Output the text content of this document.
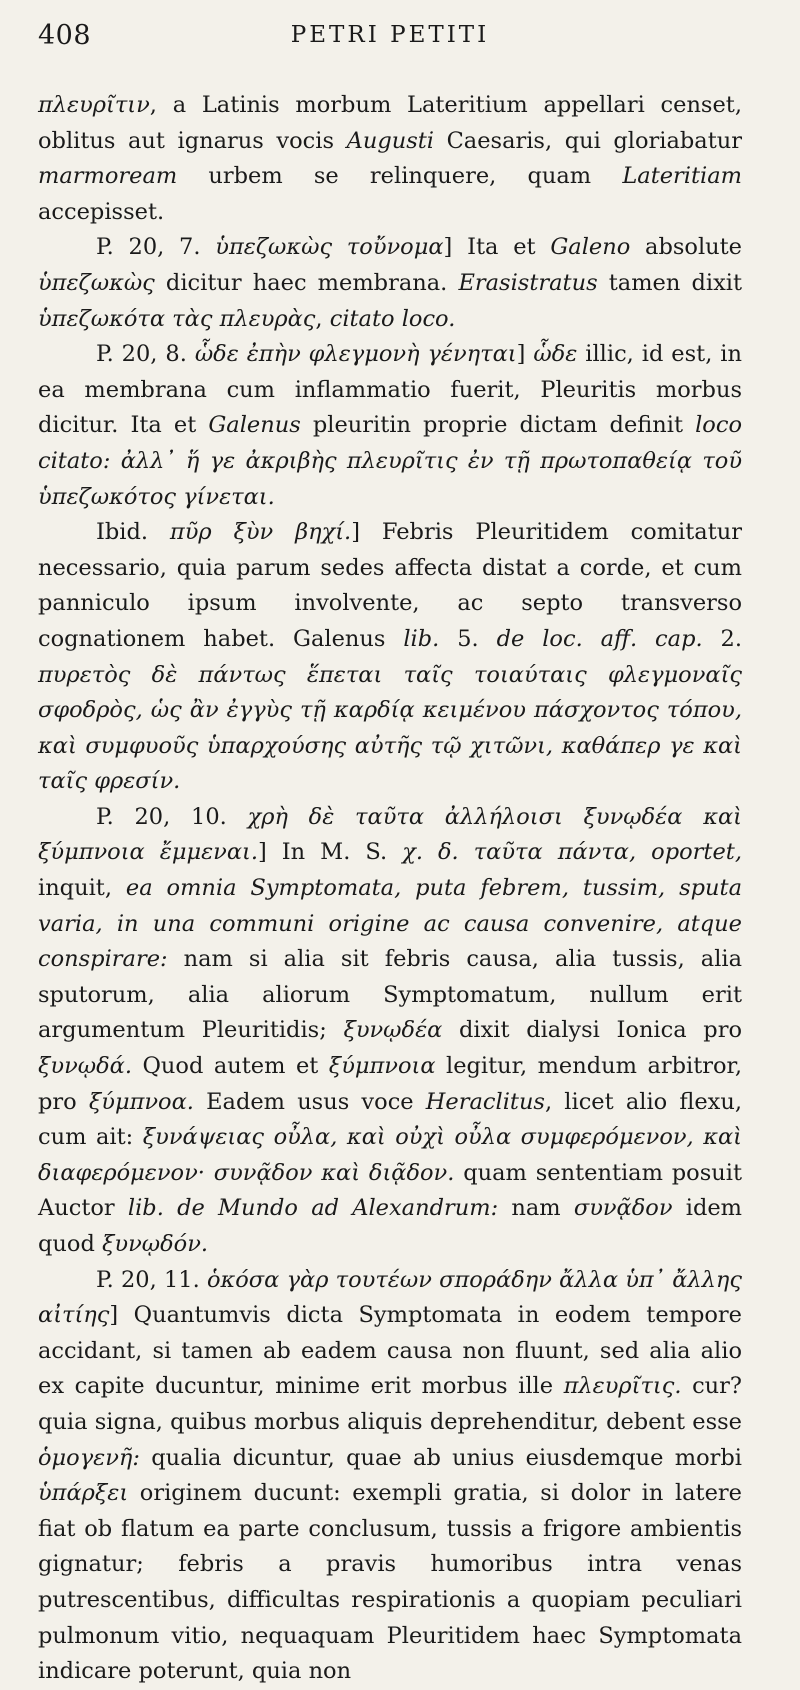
408	PETRI PETITI

πλευρῖτιν, a Latinis morbum Lateritium appellari censet, oblitus aut ignarus vocis Augusti Caesaris, qui gloriabatur marmoream urbem se relinquere, quam Lateritiam accepisset.

P. 20, 7. ὑπεζωκὼς τοὔνομα] Ita et Galeno absolute ὑπεζωκὼς dicitur haec membrana. Erasistratus tamen dixit ὑπεζωκότα τὰς πλευρὰς, citato loco.

P. 20, 8. ὧδε ἐπὴν φλεγμονὴ γένηται] ὧδε illic, id est, in ea membrana cum inflammatio fuerit, Pleuritis morbus dicitur. Ita et Galenus pleuritin proprie dictam definit loco citato: ἀλλ᾽ ἥ γε ἀκριβὴς πλευρῖτις ἐν τῇ πρωτοπαθείᾳ τοῦ ὑπεζωκότος γίνεται.

Ibid. πῦρ ξὺν βηχί.] Febris Pleuritidem comitatur necessario, quia parum sedes affecta distat a corde, et cum panniculo ipsum involvente, ac septo transverso cognationem habet. Galenus lib. 5. de loc. aff. cap. 2. πυρετὸς δὲ πάντως ἕπεται ταῖς τοιαύταις φλεγμοναῖς σφοδρὸς, ὡς ἂν ἐγγὺς τῇ καρδίᾳ κειμένου πάσχοντος τόπου, καὶ συμφυοῦς ὑπαρχούσης αὐτῆς τῷ χιτῶνι, καθάπερ γε καὶ ταῖς φρεσίν.

P. 20, 10. χρὴ δὲ ταῦτα ἀλλήλοισι ξυνῳδέα καὶ ξύμπνοια ἔμμεναι.] In M. S. χ. δ. ταῦτα πάντα, oportet, inquit, ea omnia Symptomata, puta febrem, tussim, sputa varia, in una communi origine ac causa convenire, atque conspirare: nam si alia sit febris causa, alia tussis, alia sputorum, alia aliorum Symptomatum, nullum erit argumentum Pleuritidis; ξυνῳδέα dixit dialysi Ionica pro ξυνῳδά. Quod autem et ξύμπνοια legitur, mendum arbitror, pro ξύμπνοα. Eadem usus voce Heraclitus, licet alio flexu, cum ait: ξυνάψειας οὖλα, καὶ οὐχὶ οὖλα συμφερόμενον, καὶ διαφερόμενον· συνᾷδον καὶ διᾷδον. quam sententiam posuit Auctor lib. de Mundo ad Alexandrum: nam συνᾷδον idem quod ξυνῳδόν.

P. 20, 11. ὁκόσα γὰρ τουτέων σποράδην ἄλλα ὑπ᾽ ἄλλης αἰτίης] Quantumvis dicta Symptomata in eodem tempore accidant, si tamen ab eadem causa non fluunt, sed alia alio ex capite ducuntur, minime erit morbus ille πλευρῖτις. cur? quia signa, quibus morbus aliquis deprehenditur, debent esse ὁμογενῆ: qualia dicuntur, quae ab unius eiusdemque morbi ὑπάρξει originem ducunt: exempli gratia, si dolor in latere fiat ob flatum ea parte conclusum, tussis a frigore ambientis gignatur; febris a pravis humoribus intra venas putrescentibus, difficultas respirationis a quopiam peculiari pulmonum vitio, nequaquam Pleuritidem haec Symptomata indicare poterunt, quia non
